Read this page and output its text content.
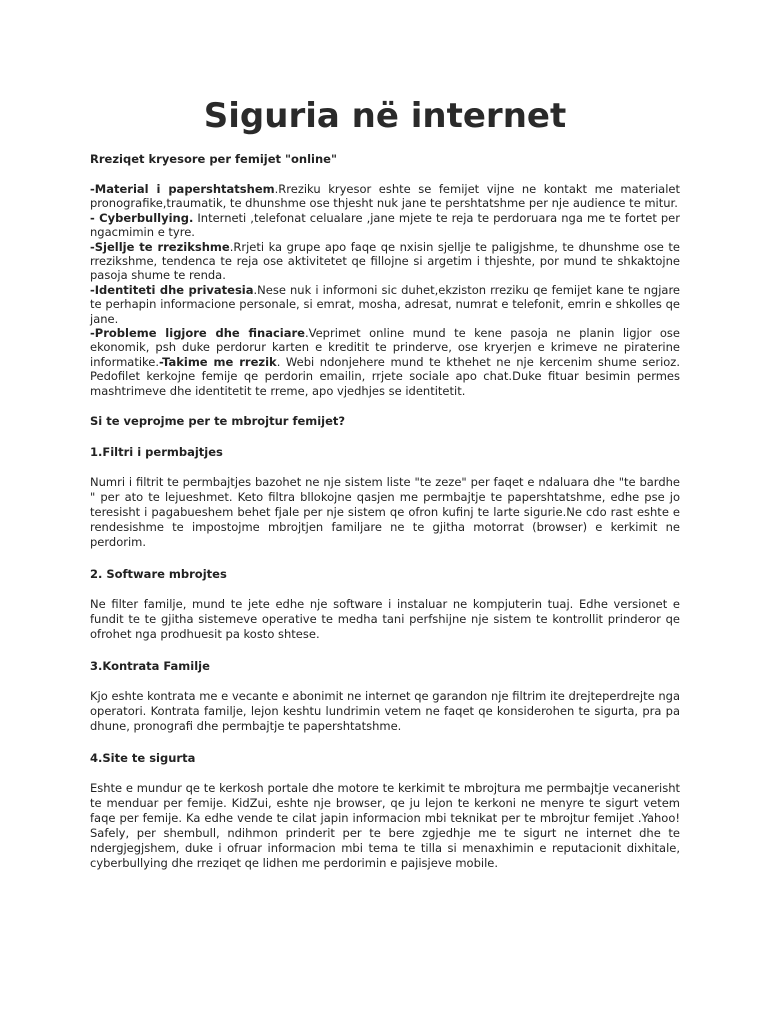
Siguria në internet
Rreziqet kryesore per femijet "online"

-Material i papershtatshem.Rreziku kryesor eshte se femijet vijne ne kontakt me materialet pronografike,traumatik, te dhunshme ose thjesht nuk jane te pershtatshme per nje audience te mitur.

- Cyberbullying. Interneti ,telefonat celualare ,jane mjete te reja te perdoruara nga me te fortet per ngacmimin e tyre.

-Sjellje te rrezikshme.Rrjeti ka grupe apo faqe qe nxisin sjellje te paligjshme, te dhunshme ose te rrezikshme, tendenca te reja ose aktivitetet qe fillojne si argetim i thjeshte, por mund te shkaktojne pasoja shume te renda.

-Identiteti dhe privatesia.Nese nuk i informoni sic duhet,ekziston rreziku qe femijet kane te ngjare te perhapin informacione personale, si emrat, mosha, adresat, numrat e telefonit, emrin e shkolles qe jane.

-Probleme ligjore dhe finaciare.Veprimet online mund te kene pasoja ne planin ligjor ose ekonomik, psh duke perdorur karten e kreditit te prinderve, ose kryerjen e krimeve ne piraterine informatike.-Takime me rrezik. Webi ndonjehere mund te kthehet ne nje kercenim shume serioz. Pedofilet kerkojne femije qe perdorin emailin, rrjete sociale apo chat.Duke fituar besimin permes mashtrimeve dhe identitetit te rreme, apo vjedhjes se identitetit.

Si te veprojme per te mbrojtur femijet?
1.Filtri i permbajtjes

Numri i filtrit te permbajtjes bazohet ne nje sistem liste "te zeze" per faqet e ndaluara dhe "te bardhe " per ato te lejueshmet. Keto filtra bllokojne qasjen me permbajtje te papershtatshme, edhe pse jo teresisht i pagabueshem behet fjale per nje sistem qe ofron kufinj te larte sigurie.Ne cdo rast eshte e rendesishme te impostojme mbrojtjen familjare ne te gjitha motorrat (browser) e kerkimit ne perdorim.

2. Software mbrojtes

Ne filter familje, mund te jete edhe nje software i instaluar ne kompjuterin tuaj. Edhe versionet e fundit te te gjitha sistemeve operative te medha tani perfshijne nje sistem te kontrollit prinderor qe ofrohet nga prodhuesit pa kosto shtese.

3.Kontrata Familje

Kjo eshte kontrata me e vecante e abonimit ne internet qe garandon nje filtrim ite drejteperdrejte nga operatori. Kontrata familje, lejon keshtu lundrimin vetem ne faqet qe konsiderohen te sigurta, pra pa dhune, pronografi dhe permbajtje te papershtatshme.

4.Site te sigurta

Eshte e mundur qe te kerkosh portale dhe motore te kerkimit te mbrojtura me permbajtje vecanerisht te menduar per femije. KidZui, eshte nje browser, qe ju lejon te kerkoni ne menyre te sigurt vetem faqe per femije. Ka edhe vende te cilat japin informacion mbi teknikat per te mbrojtur femijet .Yahoo! Safely, per shembull, ndihmon prinderit per te bere zgjedhje me te sigurt ne internet dhe te ndergjegjshem, duke i ofruar informacion mbi tema te tilla si menaxhimin e reputacionit dixhitale, cyberbullying dhe rreziqet qe lidhen me perdorimin e pajisjeve mobile.
